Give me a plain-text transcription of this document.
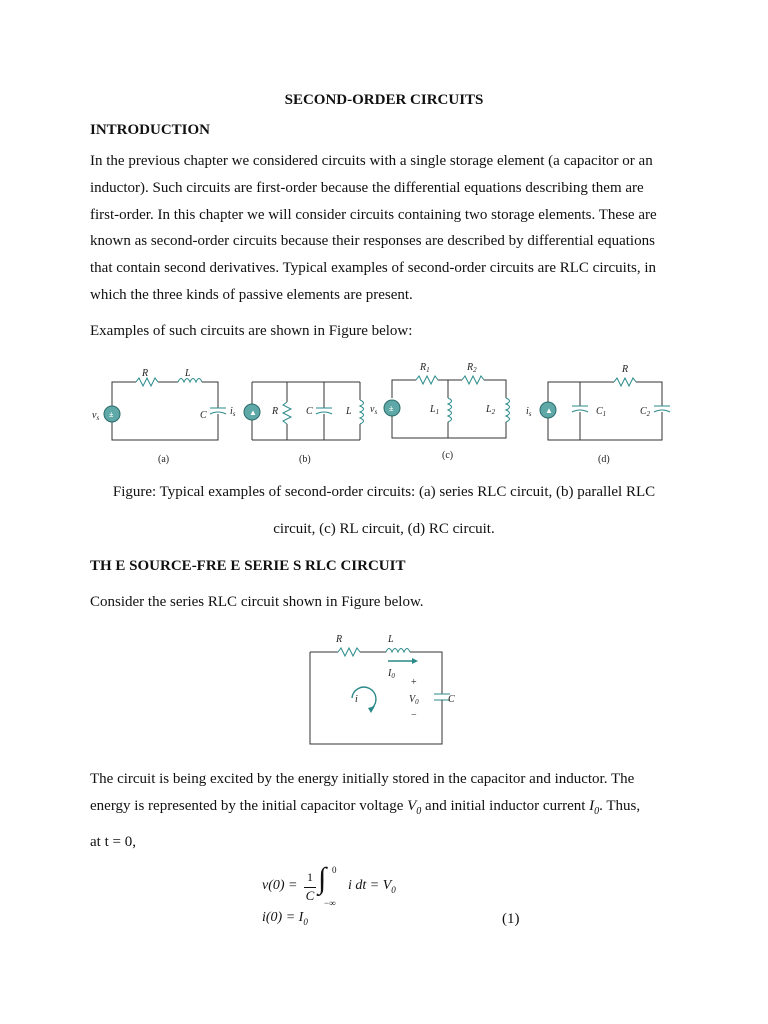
SECOND-ORDER CIRCUITS
INTRODUCTION
In the previous chapter we considered circuits with a single storage element (a capacitor or an inductor). Such circuits are first-order because the differential equations describing them are first-order. In this chapter we will consider circuits containing two storage elements. These are known as second-order circuits because their responses are described by differential equations that contain second derivatives. Typical examples of second-order circuits are RLC circuits, in which the three kinds of passive elements are present.
Examples of such circuits are shown in Figure below:
R	L
C
$v_s$
$i_s$	R	C	L $v_s$
$R_1$	$R_2$
$L_1$	$L_2$	$i_s$
R
$C_1$	$C_2$
(a)	(b)	(c)	(d)
±	▲	±	▲
Figure: Typical examples of second-order circuits: (a) series RLC circuit, (b) parallel RLC
circuit, (c) RL circuit, (d) RC circuit.
TH E SOURCE-FRE E SERIE S RLC CIRCUIT
Consider the series RLC circuit shown in Figure below.
R	L
$I_0$
i	$V_0$	C
+
−
The circuit is being excited by the energy initially stored in the capacitor and inductor. The energy is represented by the initial capacitor voltage $V_0$ and initial inductor current $I_0$. Thus,
at t = 0,
v(0) =
1
C
∫ 0
−∞
i dt = $V_0$
$i(0) = I_0$	(1)
